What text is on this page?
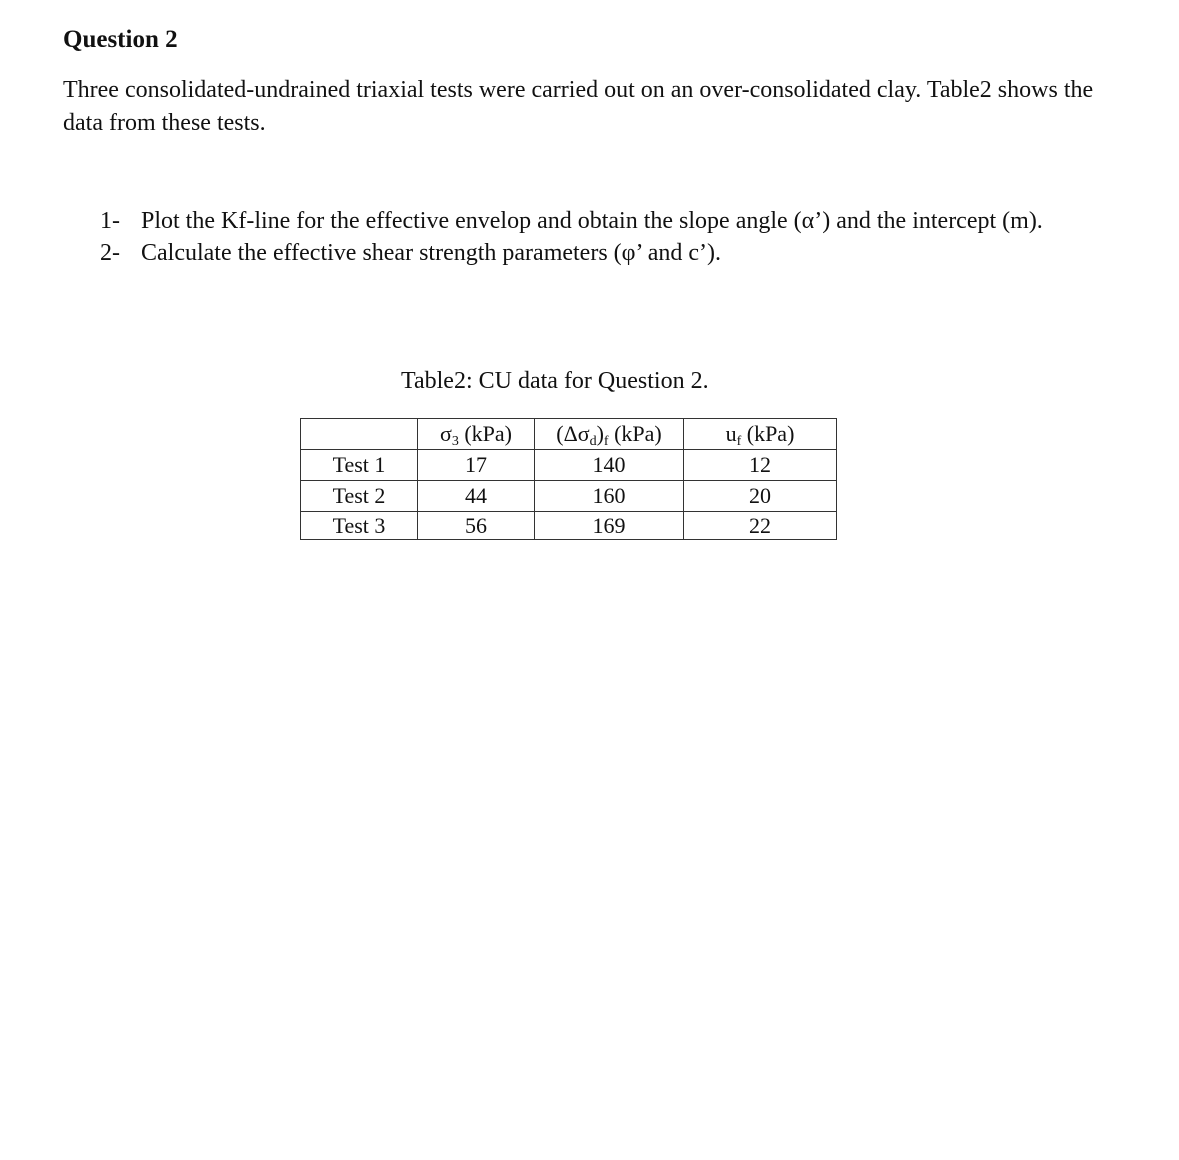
Question 2

Three consolidated-undrained triaxial tests were carried out on an over-consolidated clay. Table2 shows the data from these tests.

1- Plot the Kf-line for the effective envelop and obtain the slope angle (α’) and the intercept (m).
2- Calculate the effective shear strength parameters (φ’ and c’).

Table2: CU data for Question 2.

	$\sigma_3$ (kPa)	$(\Delta\sigma_d)_f$ (kPa)	$u_f$ (kPa)
Test 1	17	140	12
Test 2	44	160	20
Test 3	56	169	22
